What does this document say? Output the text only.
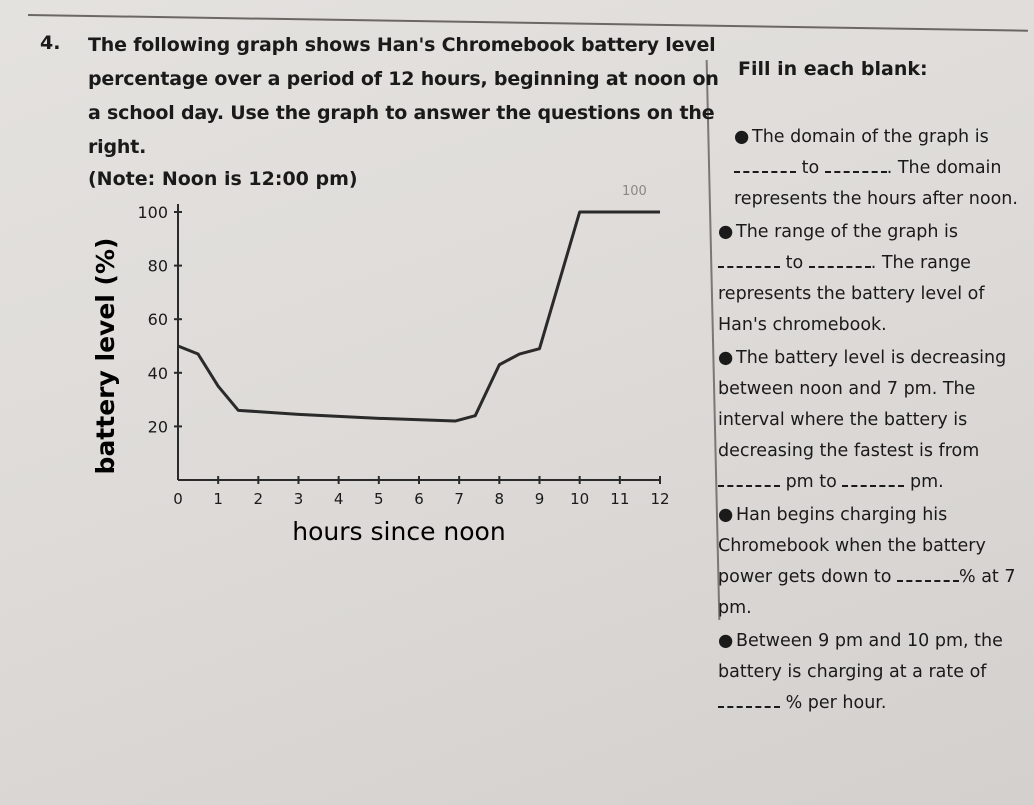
4. The following graph shows Han's Chromebook battery level percentage over a period of 12 hours, beginning at noon on a school day. Use the graph to answer the questions on the right.
(Note: Noon is 12:00 pm)
100
0 1 2 3 4 5 6 7 8 9 10 11 12
20
40
60
80
100
hours since noon
battery level (%)
Fill in each blank:

● The domain of the graph is
to	. The domain represents the hours after noon.

● The range of the graph is
to	. The range represents the battery level of Han's chromebook.

● The battery level is decreasing between noon and 7 pm. The interval where the battery is decreasing the fastest is from
pm to	pm.

● Han begins charging his Chromebook when the battery power gets down to	% at 7 pm.

● Between 9 pm and 10 pm, the battery is charging at a rate of  % per hour.
